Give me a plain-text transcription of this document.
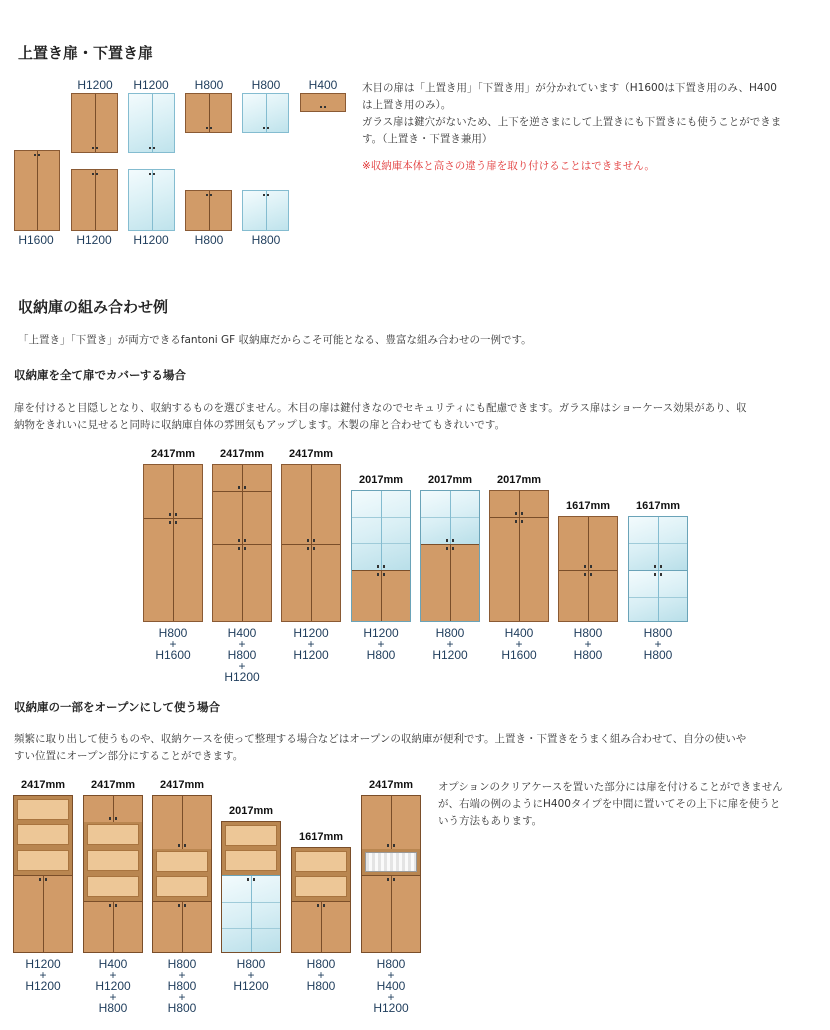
上置き扉・下置き扉
H1200	H1200	H800	H800	H400
H1600	H1200	H1200	H800	H800
木目の扉は「上置き用」「下置き用」が分かれています（H1600は下置き用のみ、H400
は上置き用のみ）。
ガラス扉は鍵穴がないため、上下を逆さまにして上置きにも下置きにも使うことができま
す。（上置き・下置き兼用）
※収納庫本体と高さの違う扉を取り付けることはできません。
収納庫の組み合わせ例
「上置き」「下置き」が両方できるfantoni GF 収納庫だからこそ可能となる、豊富な組み合わせの一例です。
収納庫を全て扉でカバーする場合
扉を付けると目隠しとなり、収納するものを選びません。木目の扉は鍵付きなのでセキュリティにも配慮できます。ガラス扉はショーケース効果があり、収
納物をきれいに見せると同時に収納庫自体の雰囲気もアップします。木製の扉と合わせてもきれいです。
2417mm	2417mm	2417mm
2017mm	2017mm	2017mm
1617mm	1617mm
H800
+
H1600
H400
+
H800
+
H1200
H1200
+
H1200
H1200
+
H800
H800
+
H1200
H400
+
H1600
H800
+
H800
H800
+
H800
収納庫の一部をオープンにして使う場合
頻繁に取り出して使うものや、収納ケースを使って整理する場合などはオープンの収納庫が便利です。上置き・下置きをうまく組み合わせて、自分の使いや
すい位置にオープン部分にすることができます。
2417mm	2417mm	2417mm
2017mm
1617mm
2417mm
H1200
+
H1200
H400
+
H1200
+
H800
H800
+
H800
+
H800
H800
+
H1200
H800
+
H800
H800
+
H400
+
H1200
オプションのクリアケースを置いた部分には扉を付けることができません
が、右端の例のようにH400タイプを中間に置いてその上下に扉を使うと
いう方法もあります。
